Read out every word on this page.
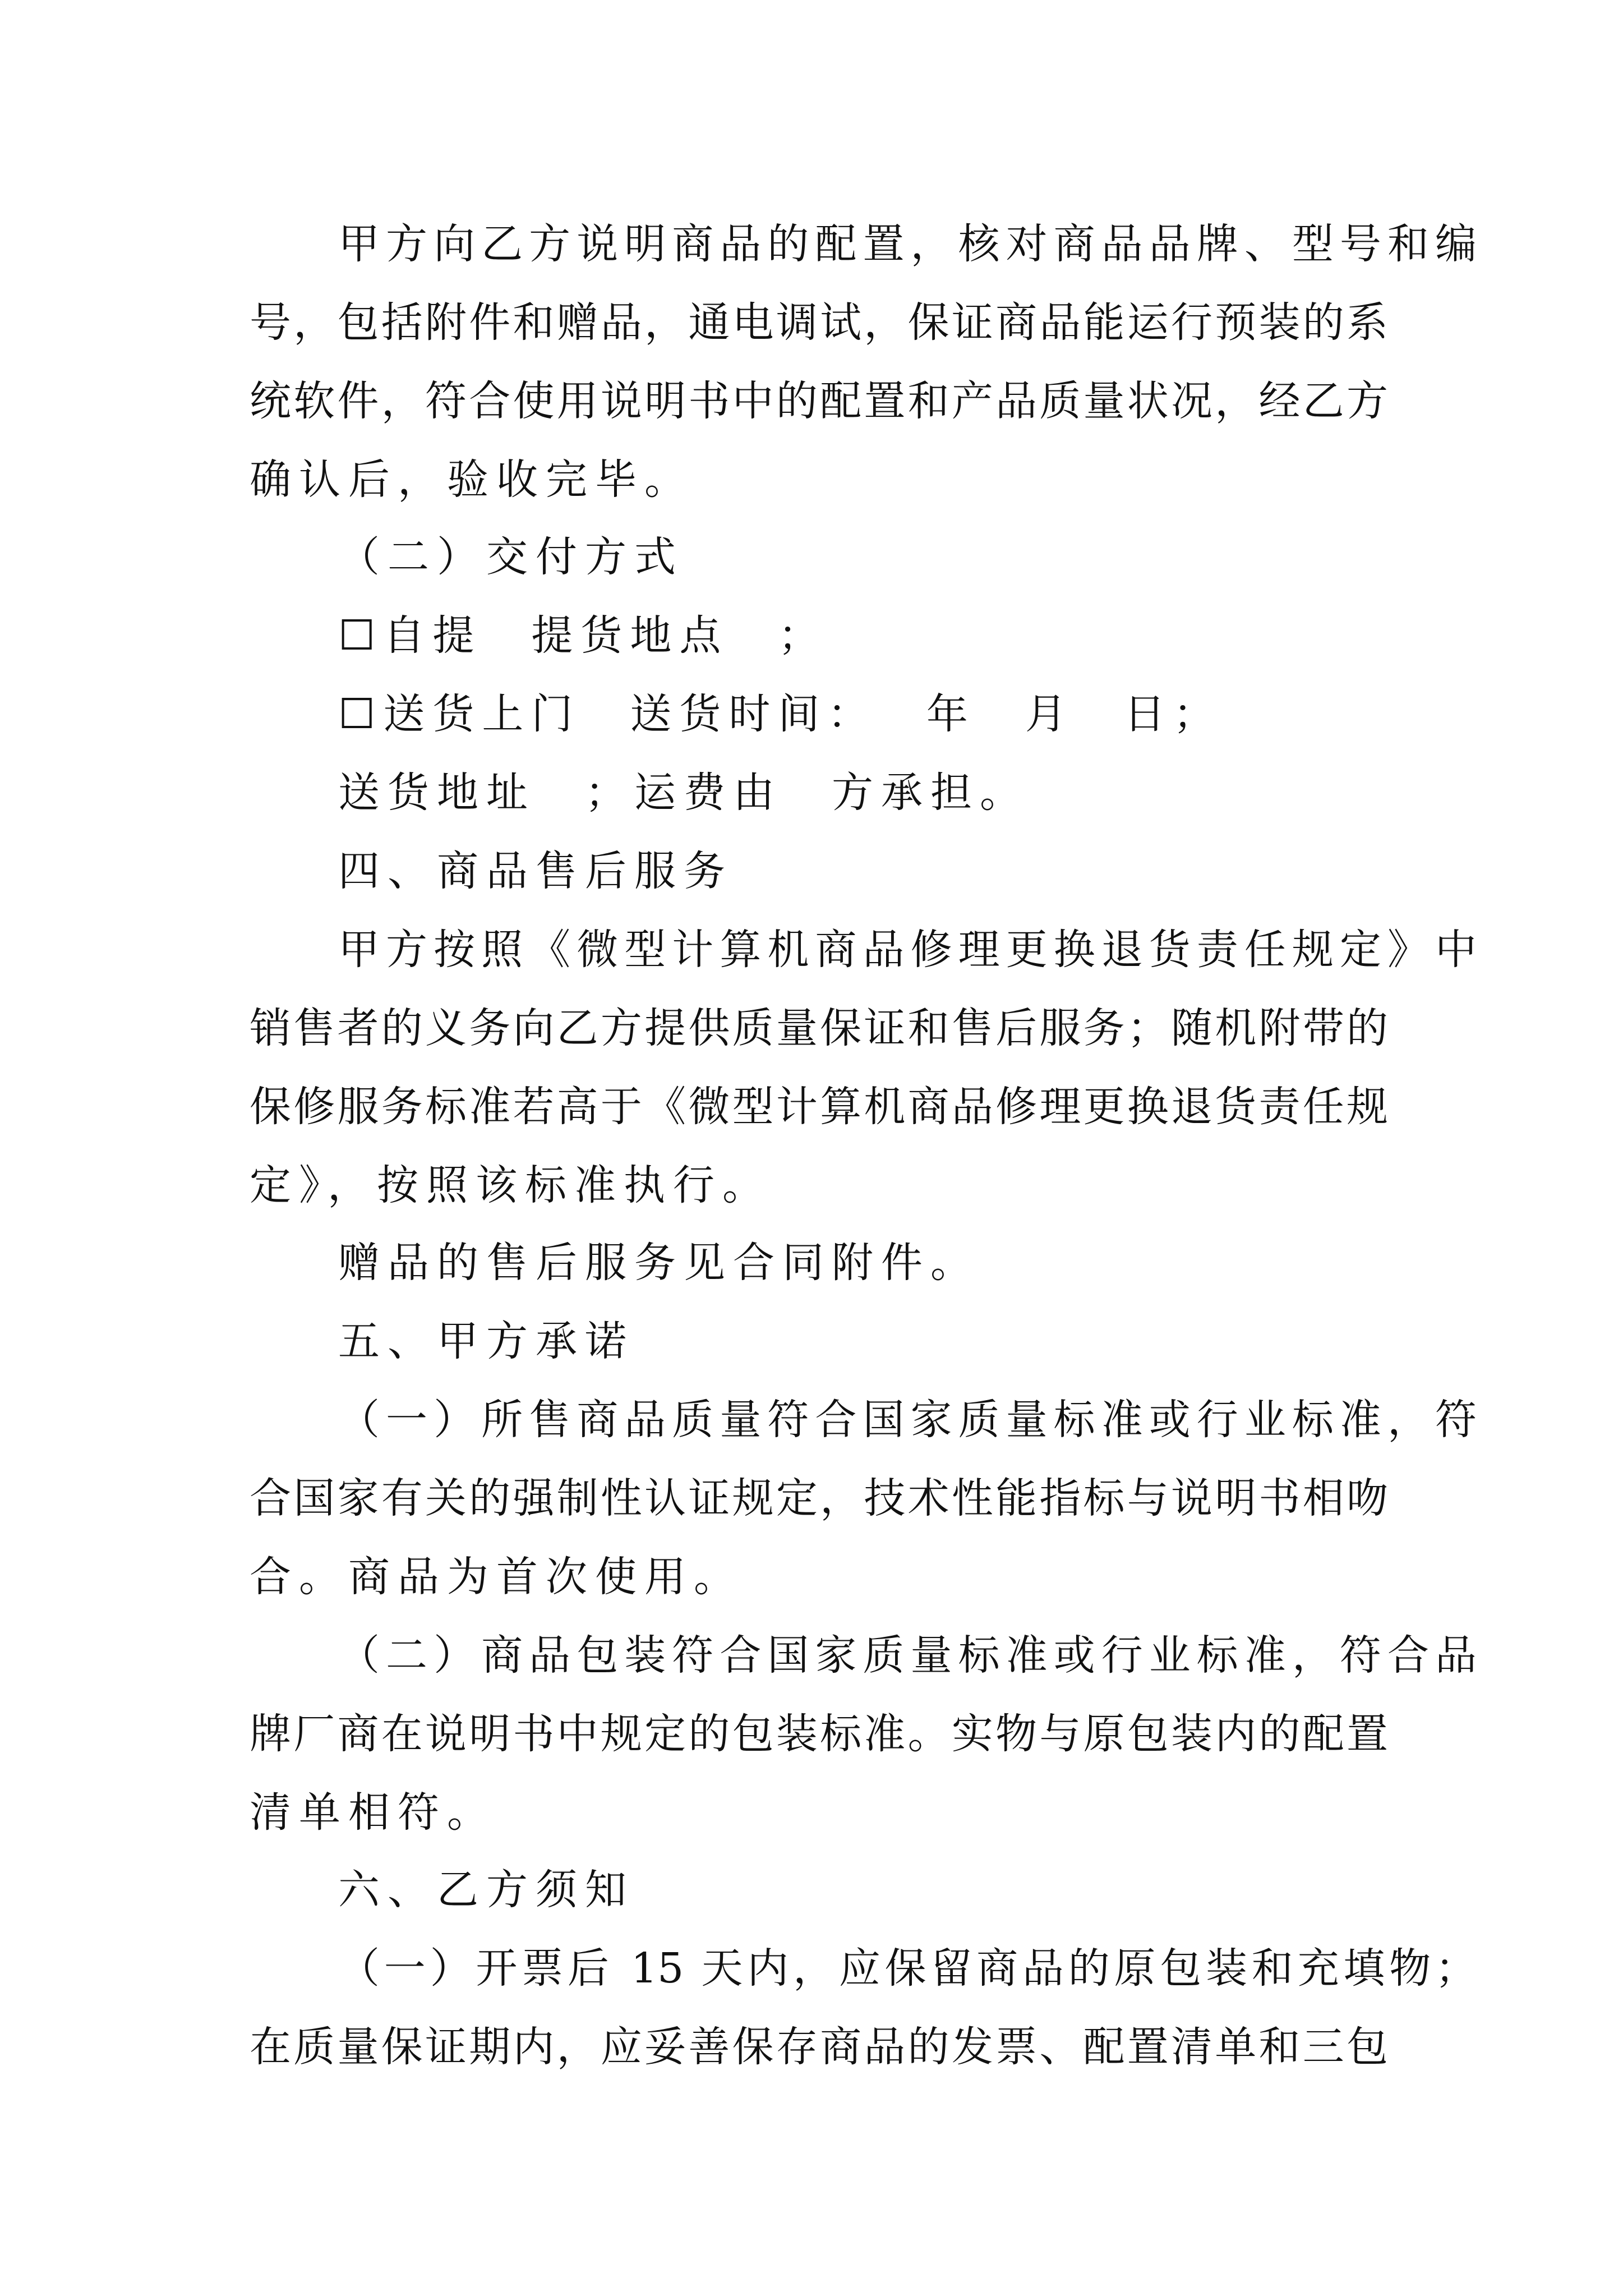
甲方向乙方说明商品的配置，核对商品品牌、型号和编
号，包括附件和赠品，通电调试，保证商品能运行预装的系
统软件，符合使用说明书中的配置和产品质量状况，经乙方
确认后，验收完毕。
（二）交付方式
☐自提　提货地点　；
☐送货上门　送货时间：　 年　月　日；
送货地址　；运费由　方承担。
四、商品售后服务
甲方按照《微型计算机商品修理更换退货责任规定》中
销售者的义务向乙方提供质量保证和售后服务；随机附带的
保修服务标准若高于《微型计算机商品修理更换退货责任规
定》，按照该标准执行。
赠品的售后服务见合同附件。
五、甲方承诺
（一）所售商品质量符合国家质量标准或行业标准，符
合国家有关的强制性认证规定，技术性能指标与说明书相吻
合。商品为首次使用。
（二）商品包装符合国家质量标准或行业标准，符合品
牌厂商在说明书中规定的包装标准。实物与原包装内的配置
清单相符。
六、乙方须知
（一）开票后 15 天内，应保留商品的原包装和充填物；
在质量保证期内，应妥善保存商品的发票、配置清单和三包
